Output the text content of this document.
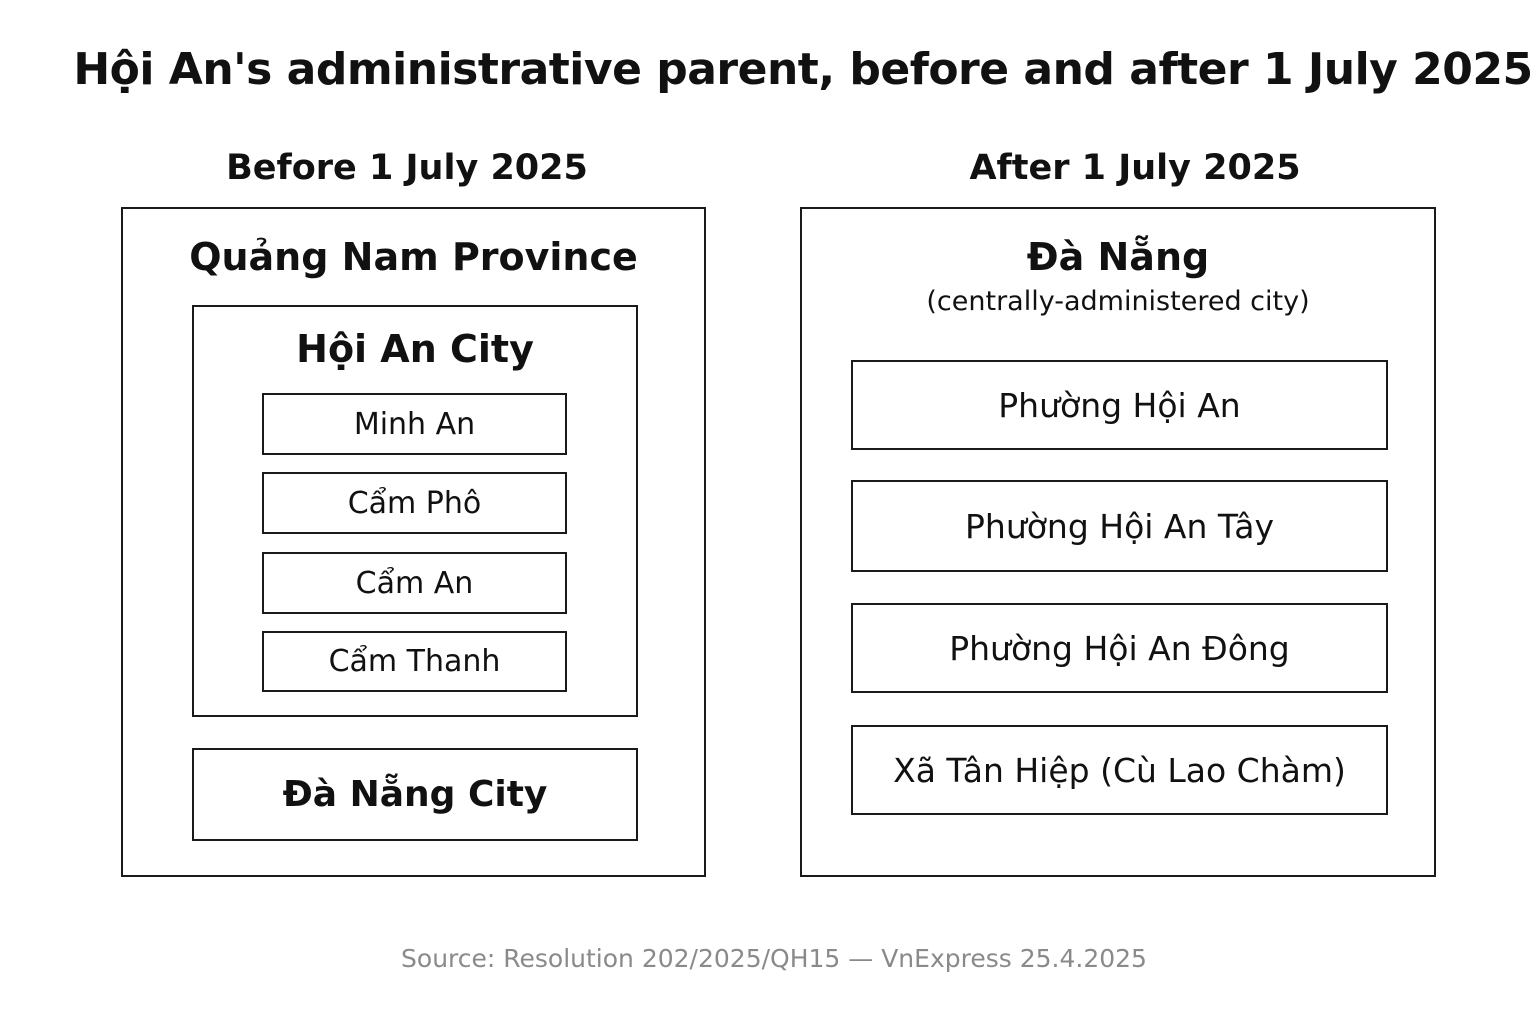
Hội An's administrative parent, before and after 1 July 2025
Before 1 July 2025
Quảng Nam Province
Hội An City
Minh An
Cẩm Phô
Cẩm An
Cẩm Thanh
Đà Nẵng City
After 1 July 2025
Đà Nẵng
(centrally-administered city)
Phường Hội An
Phường Hội An Tây
Phường Hội An Đông
Xã Tân Hiệp (Cù Lao Chàm)
Source: Resolution 202/2025/QH15 — VnExpress 25.4.2025
